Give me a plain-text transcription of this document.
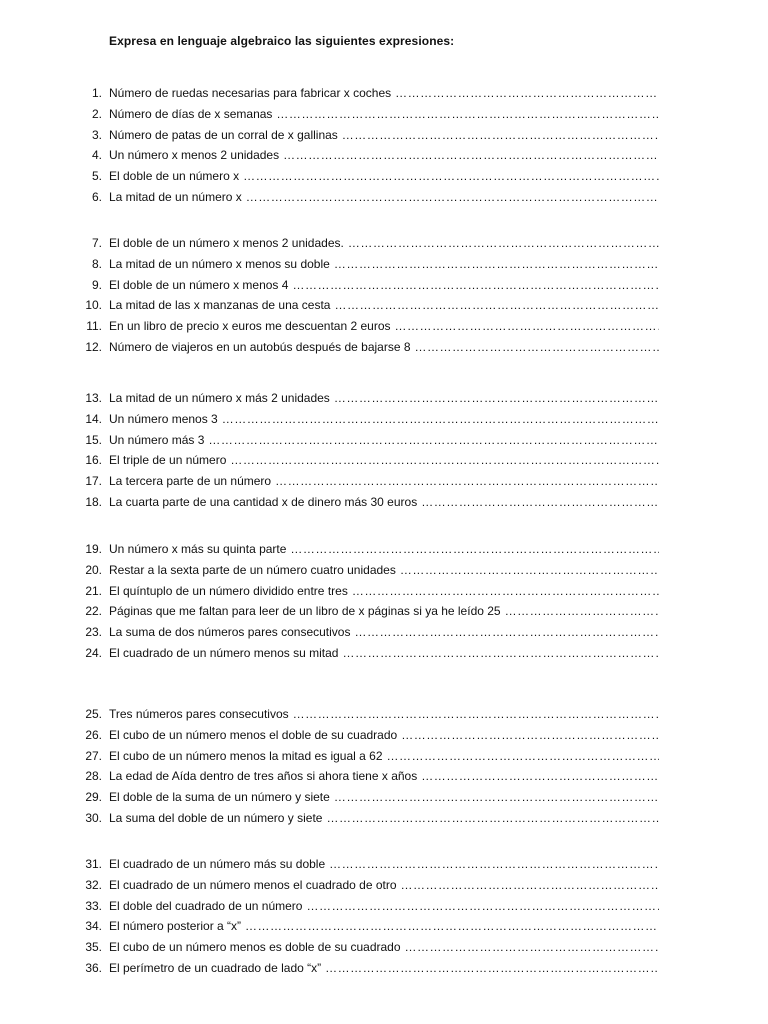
Expresa en lenguaje algebraico las siguientes expresiones:
1. Número de ruedas necesarias para fabricar x coches
……………………………………………………………………………………………………………………………………………………………………………………………………………
2. Número de días de x semanas
……………………………………………………………………………………………………………………………………………………………………………………………………………
3. Número de patas de un corral de x gallinas
……………………………………………………………………………………………………………………………………………………………………………………………………………
4. Un número x menos 2 unidades
……………………………………………………………………………………………………………………………………………………………………………………………………………
5. El doble de un número x
……………………………………………………………………………………………………………………………………………………………………………………………………………
6. La mitad de un número x
……………………………………………………………………………………………………………………………………………………………………………………………………………
7. El doble de un número x menos 2 unidades.
……………………………………………………………………………………………………………………………………………………………………………………………………………
8. La mitad de un número x menos su doble
……………………………………………………………………………………………………………………………………………………………………………………………………………
9. El doble de un número x menos 4
……………………………………………………………………………………………………………………………………………………………………………………………………………
10. La mitad de las x manzanas de una cesta
……………………………………………………………………………………………………………………………………………………………………………………………………………
11. En un libro de precio x euros me descuentan 2 euros
……………………………………………………………………………………………………………………………………………………………………………………………………………
12. Número de viajeros en un autobús después de bajarse 8
……………………………………………………………………………………………………………………………………………………………………………………………………………
13. La mitad de un número x más 2 unidades
……………………………………………………………………………………………………………………………………………………………………………………………………………
14. Un número menos 3
……………………………………………………………………………………………………………………………………………………………………………………………………………
15. Un número más 3
……………………………………………………………………………………………………………………………………………………………………………………………………………
16. El triple de un número
……………………………………………………………………………………………………………………………………………………………………………………………………………
17. La tercera parte de un número
……………………………………………………………………………………………………………………………………………………………………………………………………………
18. La cuarta parte de una cantidad x de dinero más 30 euros
……………………………………………………………………………………………………………………………………………………………………………………………………………
19. Un número x más su quinta parte
……………………………………………………………………………………………………………………………………………………………………………………………………………
20. Restar a la sexta parte de un número cuatro unidades
……………………………………………………………………………………………………………………………………………………………………………………………………………
21. El quíntuplo de un número dividido entre tres
……………………………………………………………………………………………………………………………………………………………………………………………………………
22. Páginas que me faltan para leer de un libro de x páginas si ya he leído 25
……………………………………………………………………………………………………………………………………………………………………………………………………………
23. La suma de dos números pares consecutivos
……………………………………………………………………………………………………………………………………………………………………………………………………………
24. El cuadrado de un número menos su mitad
……………………………………………………………………………………………………………………………………………………………………………………………………………
25. Tres números pares consecutivos
……………………………………………………………………………………………………………………………………………………………………………………………………………
26. El cubo de un número menos el doble de su cuadrado
……………………………………………………………………………………………………………………………………………………………………………………………………………
27. El cubo de un número menos la mitad es igual a 62
……………………………………………………………………………………………………………………………………………………………………………………………………………
28. La edad de Aída dentro de tres años si ahora tiene x años
……………………………………………………………………………………………………………………………………………………………………………………………………………
29. El doble de la suma de un número y siete
……………………………………………………………………………………………………………………………………………………………………………………………………………
30. La suma del doble de un número y siete
……………………………………………………………………………………………………………………………………………………………………………………………………………
31. El cuadrado de un número más su doble
……………………………………………………………………………………………………………………………………………………………………………………………………………
32. El cuadrado de un número menos el cuadrado de otro
……………………………………………………………………………………………………………………………………………………………………………………………………………
33. El doble del cuadrado de un número
……………………………………………………………………………………………………………………………………………………………………………………………………………
34. El número posterior a “x”
……………………………………………………………………………………………………………………………………………………………………………………………………………
35. El cubo de un número menos es doble de su cuadrado
……………………………………………………………………………………………………………………………………………………………………………………………………………
36. El perímetro de un cuadrado de lado “x”
……………………………………………………………………………………………………………………………………………………………………………………………………………
